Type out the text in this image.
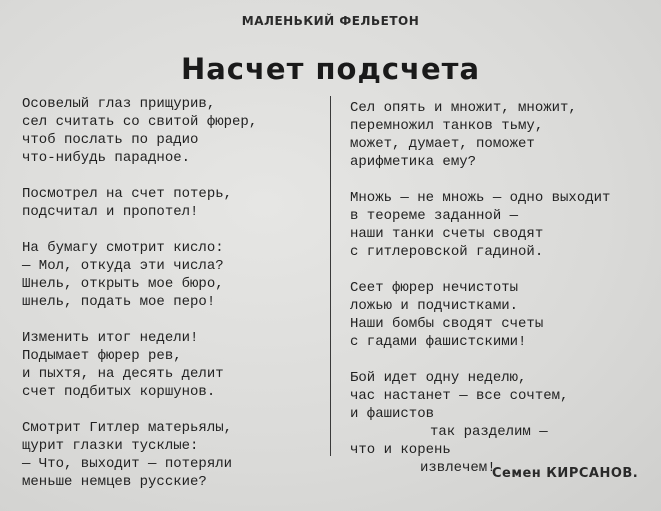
МАЛЕНЬКИЙ ФЕЛЬЕТОН
Насчет подсчета
Осовелый глаз прищурив,
сел считать со свитой фюрер,
чтоб послать по радио
что-нибудь парадное.
Посмотрел на счет потерь,
подсчитал и пропотел!
На бумагу смотрит кисло:
— Мол, откуда эти числа?
Шнель, открыть мое бюро,
шнель, подать мое перо!
Изменить итог недели!
Подымает фюрер рев,
и пыхтя, на десять делит
счет подбитых коршунов.
Смотрит Гитлер матерьялы,
щурит глазки тусклые:
— Что, выходит — потеряли
меньше немцев русские?
Сел опять и множит, множит,
перемножил танков тьму,
может, думает, поможет
арифметика ему?
Множь — не множь — одно выходит
в теореме заданной —
наши танки счеты сводят
с гитлеровской гадиной.
Сеет фюрер нечистоты
ложью и подчистками.
Наши бомбы сводят счеты
с гадами фашистскими!
Бой идет одну неделю,
час настанет — все сочтем,
и фашистов
так разделим —
что и корень
извлечем!
Семен КИРСАНОВ.
